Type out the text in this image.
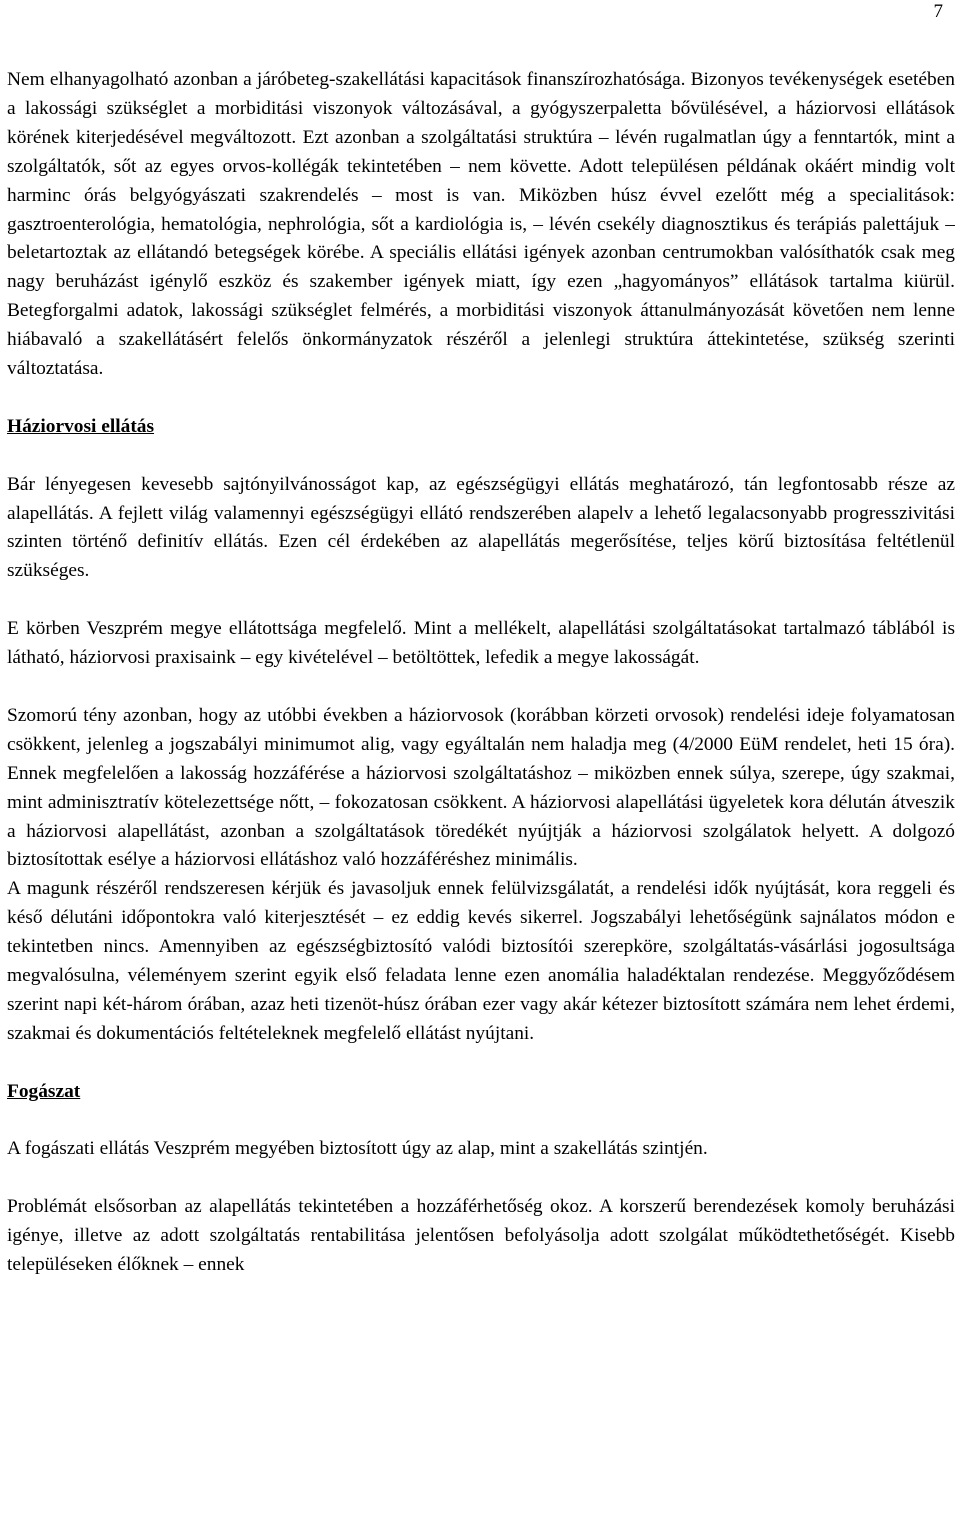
7

Nem elhanyagolható azonban a járóbeteg-szakellátási kapacitások finanszírozhatósága. Bizonyos tevékenységek esetében a lakossági szükséglet a morbiditási viszonyok változásával, a gyógyszerpaletta bővülésével, a háziorvosi ellátások körének kiterjedésével megváltozott. Ezt azonban a szolgáltatási struktúra – lévén rugalmatlan úgy a fenntartók, mint a szolgáltatók, sőt az egyes orvos-kollégák tekintetében – nem követte. Adott településen példának okáért mindig volt harminc órás belgyógyászati szakrendelés – most is van. Miközben húsz évvel ezelőtt még a specialitások: gasztroenterológia, hematológia, nephrológia, sőt a kardiológia is, – lévén csekély diagnosztikus és terápiás palettájuk – beletartoztak az ellátandó betegségek körébe. A speciális ellátási igények azonban centrumokban valósíthatók csak meg nagy beruházást igénylő eszköz és szakember igények miatt, így ezen „hagyományos” ellátások tartalma kiürül. Betegforgalmi adatok, lakossági szükséglet felmérés, a morbiditási viszonyok áttanulmányozását követően nem lenne hiábavaló a szakellátásért felelős önkormányzatok részéről a jelenlegi struktúra áttekintetése, szükség szerinti változtatása.

Háziorvosi ellátás

Bár lényegesen kevesebb sajtónyilvánosságot kap, az egészségügyi ellátás meghatározó, tán legfontosabb része az alapellátás. A fejlett világ valamennyi egészségügyi ellátó rendszerében alapelv a lehető legalacsonyabb progresszivitási szinten történő definitív ellátás. Ezen cél érdekében az alapellátás megerősítése, teljes körű biztosítása feltétlenül szükséges.

E körben Veszprém megye ellátottsága megfelelő. Mint a mellékelt, alapellátási szolgáltatásokat tartalmazó táblából is látható, háziorvosi praxisaink – egy kivételével – betöltöttek, lefedik a megye lakosságát.

Szomorú tény azonban, hogy az utóbbi években a háziorvosok (korábban körzeti orvosok) rendelési ideje folyamatosan csökkent, jelenleg a jogszabályi minimumot alig, vagy egyáltalán nem haladja meg (4/2000 EüM rendelet, heti 15 óra). Ennek megfelelően a lakosság hozzáférése a háziorvosi szolgáltatáshoz – miközben ennek súlya, szerepe, úgy szakmai, mint adminisztratív kötelezettsége nőtt, – fokozatosan csökkent. A háziorvosi alapellátási ügyeletek kora délután átveszik a háziorvosi alapellátást, azonban a szolgáltatások töredékét nyújtják a háziorvosi szolgálatok helyett. A dolgozó biztosítottak esélye a háziorvosi ellátáshoz való hozzáféréshez minimális.

A magunk részéről rendszeresen kérjük és javasoljuk ennek felülvizsgálatát, a rendelési idők nyújtását, kora reggeli és késő délutáni időpontokra való kiterjesztését – ez eddig kevés sikerrel. Jogszabályi lehetőségünk sajnálatos módon e tekintetben nincs. Amennyiben az egészségbiztosító valódi biztosítói szerepköre, szolgáltatás-vásárlási jogosultsága megvalósulna, véleményem szerint egyik első feladata lenne ezen anomália haladéktalan rendezése. Meggyőződésem szerint napi két-három órában, azaz heti tizenöt-húsz órában ezer vagy akár kétezer biztosított számára nem lehet érdemi, szakmai és dokumentációs feltételeknek megfelelő ellátást nyújtani.

Fogászat

A fogászati ellátás Veszprém megyében biztosított úgy az alap, mint a szakellátás szintjén.

Problémát elsősorban az alapellátás tekintetében a hozzáférhetőség okoz. A korszerű berendezések komoly beruházási igénye, illetve az adott szolgáltatás rentabilitása jelentősen befolyásolja adott szolgálat működtethetőségét. Kisebb településeken élőknek – ennek
